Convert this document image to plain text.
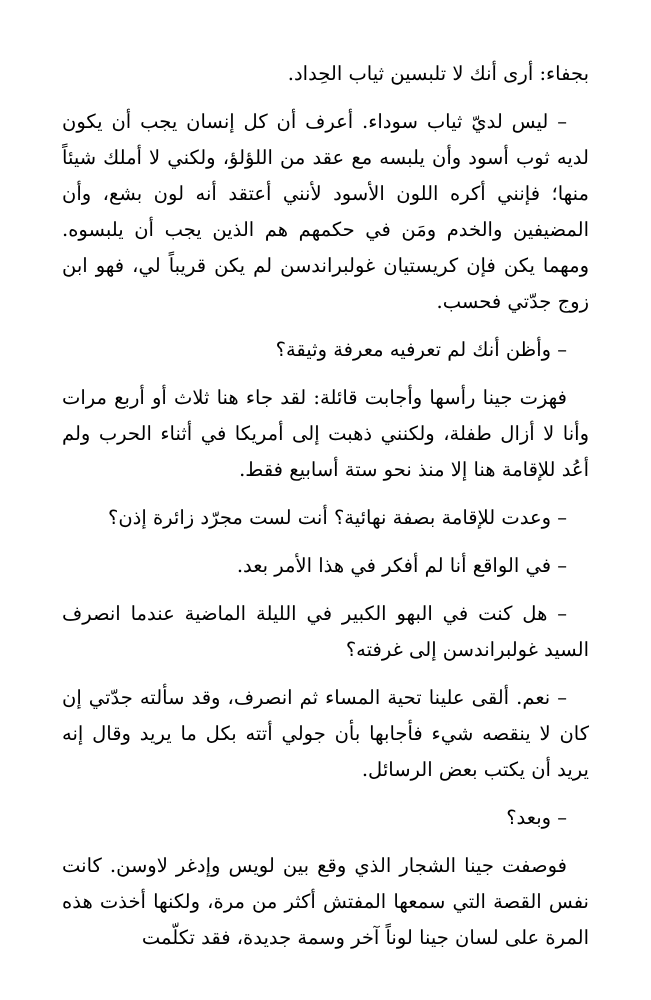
بجفاء: أرى أنك لا تلبسين ثياب الحِداد.

– ليس لديّ ثياب سوداء. أعرف أن كل إنسان يجب أن يكون لديه ثوب أسود وأن يلبسه مع عقد من اللؤلؤ، ولكني لا أملك شيئاً منها؛ فإنني أكره اللون الأسود لأنني أعتقد أنه لون بشع، وأن المضيفين والخدم ومَن في حكمهم هم الذين يجب أن يلبسوه. ومهما يكن فإن كريستيان غولبراندسن لم يكن قريباً لي، فهو ابن زوج جدّتي فحسب.

– وأظن أنك لم تعرفيه معرفة وثيقة؟

فهزت جينا رأسها وأجابت قائلة: لقد جاء هنا ثلاث أو أربع مرات وأنا لا أزال طفلة، ولكنني ذهبت إلى أمريكا في أثناء الحرب ولم أعُد للإقامة هنا إلا منذ نحو ستة أسابيع فقط.

– وعدت للإقامة بصفة نهائية؟ أنت لست مجرّد زائرة إذن؟

– في الواقع أنا لم أفكر في هذا الأمر بعد.

– هل كنت في البهو الكبير في الليلة الماضية عندما انصرف السيد غولبراندسن إلى غرفته؟

– نعم. ألقى علينا تحية المساء ثم انصرف، وقد سألته جدّتي إن كان لا ينقصه شيء فأجابها بأن جولي أتته بكل ما يريد وقال إنه يريد أن يكتب بعض الرسائل.

– وبعد؟

فوصفت جينا الشجار الذي وقع بين لويس وإدغر لاوسن. كانت نفس القصة التي سمعها المفتش أكثر من مرة، ولكنها أخذت هذه المرة على لسان جينا لوناً آخر وسمة جديدة، فقد تكلّمت
